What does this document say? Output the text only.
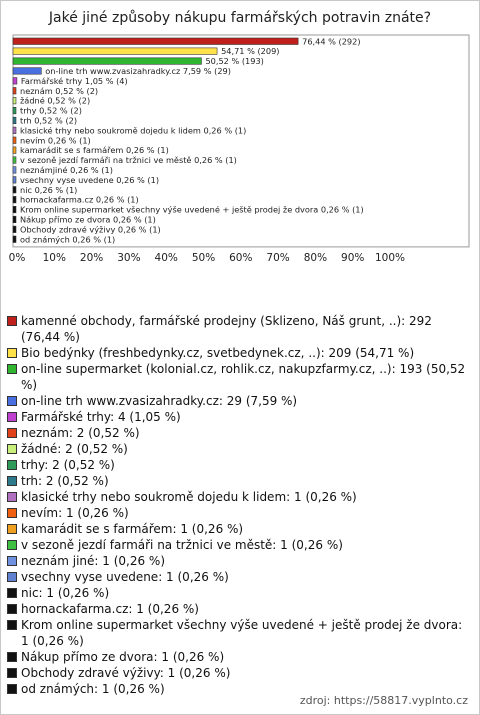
Jaké jiné způsoby nákupu farmářských potravin znáte?
76,44 % (292)
54,71 % (209)
50,52 % (193)
on-line trh www.zvasizahradky.cz 7,59 % (29)
Farmářské trhy 1,05 % (4)
neznám 0,52 % (2)
žádné 0,52 % (2)
trhy 0,52 % (2)
trh 0,52 % (2)
klasické trhy nebo soukromě dojedu k lidem 0,26 % (1)
nevím 0,26 % (1)
kamarádit se s farmářem 0,26 % (1)
v sezoně jezdí farmáři na tržnici ve městě 0,26 % (1)
neznámjiné 0,26 % (1)
vsechny vyse uvedene 0,26 % (1)
nic 0,26 % (1)
hornackafarma.cz 0,26 % (1)
Krom online supermarket všechny výše uvedené + ještě prodej že dvora 0,26 % (1)
Nákup přímo ze dvora 0,26 % (1)
Obchody zdravé výživy 0,26 % (1)
od známých 0,26 % (1)
0% 10% 20% 30% 40% 50% 60% 70% 80% 90% 100%
kamenné obchody, farmářské prodejny (Sklizeno, Náš grunt, ..): 292 (76,44 %)
Bio bedýnky (freshbedynky.cz, svetbedynek.cz, ..): 209 (54,71 %)
on-line supermarket (kolonial.cz, rohlik.cz, nakupzfarmy.cz, ..): 193 (50,52 %)
on-line trh www.zvasizahradky.cz: 29 (7,59 %)
Farmářské trhy: 4 (1,05 %)
neznám: 2 (0,52 %)
žádné: 2 (0,52 %)
trhy: 2 (0,52 %)
trh: 2 (0,52 %)
klasické trhy nebo soukromě dojedu k lidem: 1 (0,26 %)
nevím: 1 (0,26 %)
kamarádit se s farmářem: 1 (0,26 %)
v sezoně jezdí farmáři na tržnici ve městě: 1 (0,26 %)
neznám jiné: 1 (0,26 %)
vsechny vyse uvedene: 1 (0,26 %)
nic: 1 (0,26 %)
hornackafarma.cz: 1 (0,26 %)
Krom online supermarket všechny výše uvedené + ještě prodej že dvora: 1 (0,26 %)
Nákup přímo ze dvora: 1 (0,26 %)
Obchody zdravé výživy: 1 (0,26 %)
od známých: 1 (0,26 %)
zdroj: https://58817.vyplnto.cz
